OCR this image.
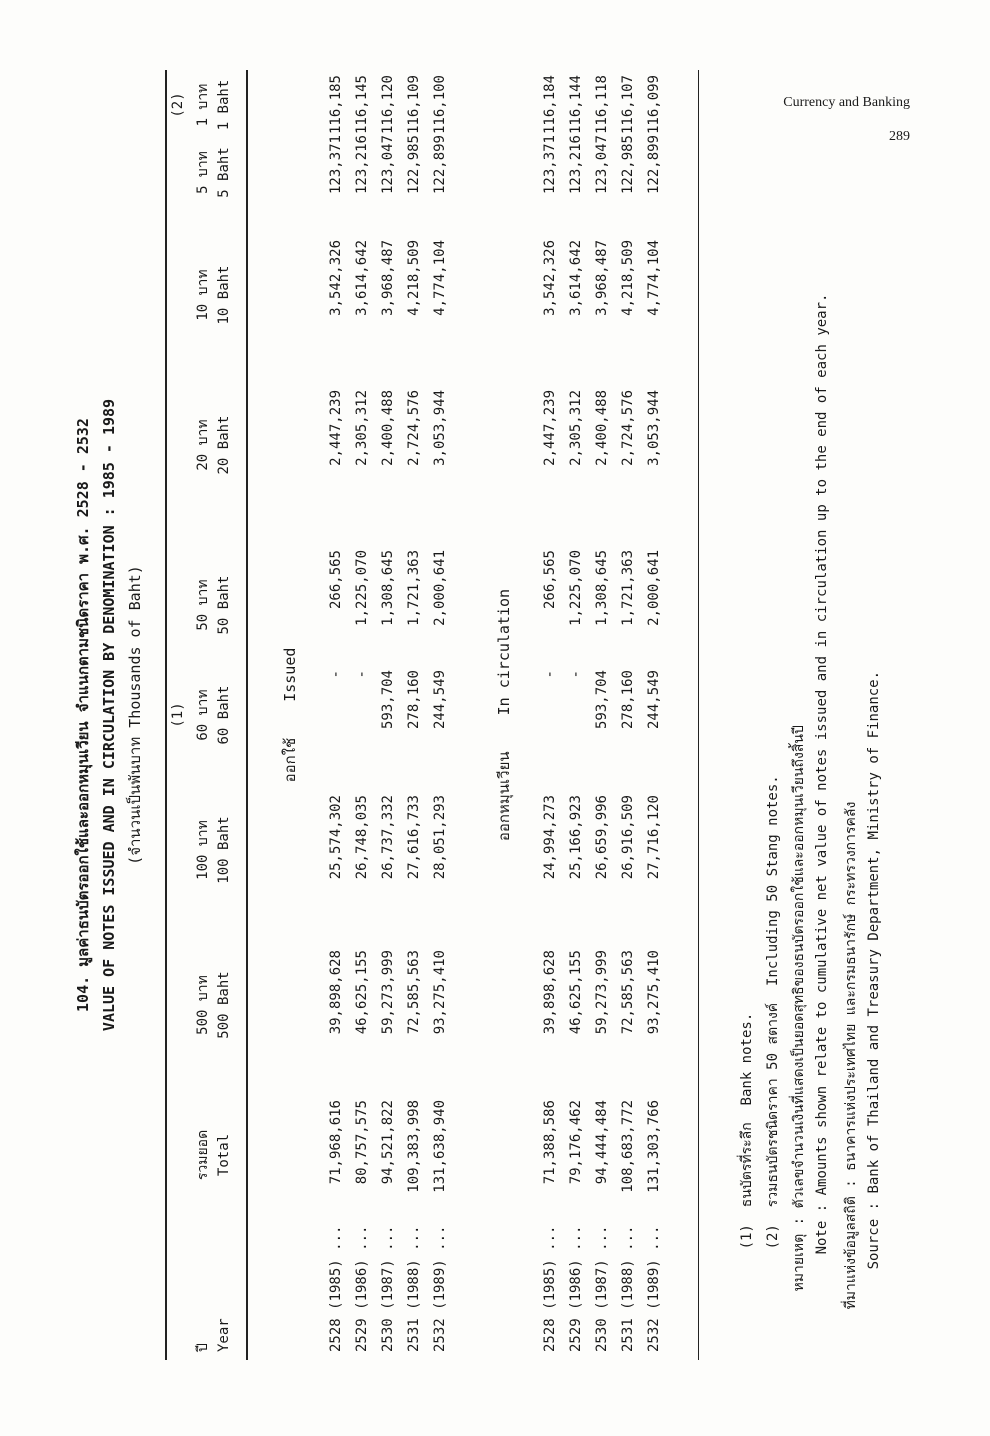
Currency and Banking
289
104. มูลค่าธนบัตรออกใช้และออกหมุนเวียน จำแนกตามชนิดราคา พ.ศ. 2528 - 2532 VALUE OF NOTES ISSUED AND IN CIRCULATION BY DENOMINATION : 1985 - 1989 (จำนวนเป็นพันบาท Thousands of Baht) (1)
(2)
ปี
รวมยอด
500 บาท
100 บาท
60 บาท
50 บาท
20 บาท
10 บาท
5 บาท
1 บาท
Year
Total
500 Baht
100 Baht
60 Baht
50 Baht
20 Baht
10 Baht
5 Baht
1 Baht
ออกใช้Issued
2528 (1985) ...
71,968,616
39,898,628
25,574,302
-
266,565
2,447,239
3,542,326
123,371
116,185
2529 (1986) ...
80,757,575
46,625,155
26,748,035
-
1,225,070
2,305,312
3,614,642
123,216
116,145
2530 (1987) ...
94,521,822
59,273,999
26,737,332
593,704
1,308,645
2,400,488
3,968,487
123,047
116,120
2531 (1988) ...
109,383,998
72,585,563
27,616,733
278,160
1,721,363
2,724,576
4,218,509
122,985
116,109
2532 (1989) ...
131,638,940
93,275,410
28,051,293
244,549
2,000,641
3,053,944
4,774,104
122,899
116,100
ออกหมุนเวียนIn circulation
2528 (1985) ...
71,388,586
39,898,628
24,994,273
-
266,565
2,447,239
3,542,326
123,371
116,184
2529 (1986) ...
79,176,462
46,625,155
25,166,923
-
1,225,070
2,305,312
3,614,642
123,216
116,144
2530 (1987) ...
94,444,484
59,273,999
26,659,996
593,704
1,308,645
2,400,488
3,968,487
123,047
116,118
2531 (1988) ...
108,683,772
72,585,563
26,916,509
278,160
1,721,363
2,724,576
4,218,509
122,985
116,107
2532 (1989) ...
131,303,766
93,275,410
27,716,120
244,549
2,000,641
3,053,944
4,774,104
122,899
116,099

(1)  ธนบัตรที่ระลึก  Bank notes.

(2)  รวมธนบัตรชนิดราคา 50 สตางค์  Including 50 Stang notes.

หมายเหตุ : ตัวเลขจำนวนเงินที่แสดงเป็นยอดสุทธิของธนบัตรออกใช้และออกหมุนเวียนถึงสิ้นปี

Note : Amounts shown relate to cumulative net value of notes issued and in circulation up to the end of each year.

ที่มาแห่งข้อมูลสถิติ : ธนาคารแห่งประเทศไทย และกรมธนารักษ์ กระทรวงการคลัง

Source : Bank of Thailand and Treasury Department, Ministry of Finance.
